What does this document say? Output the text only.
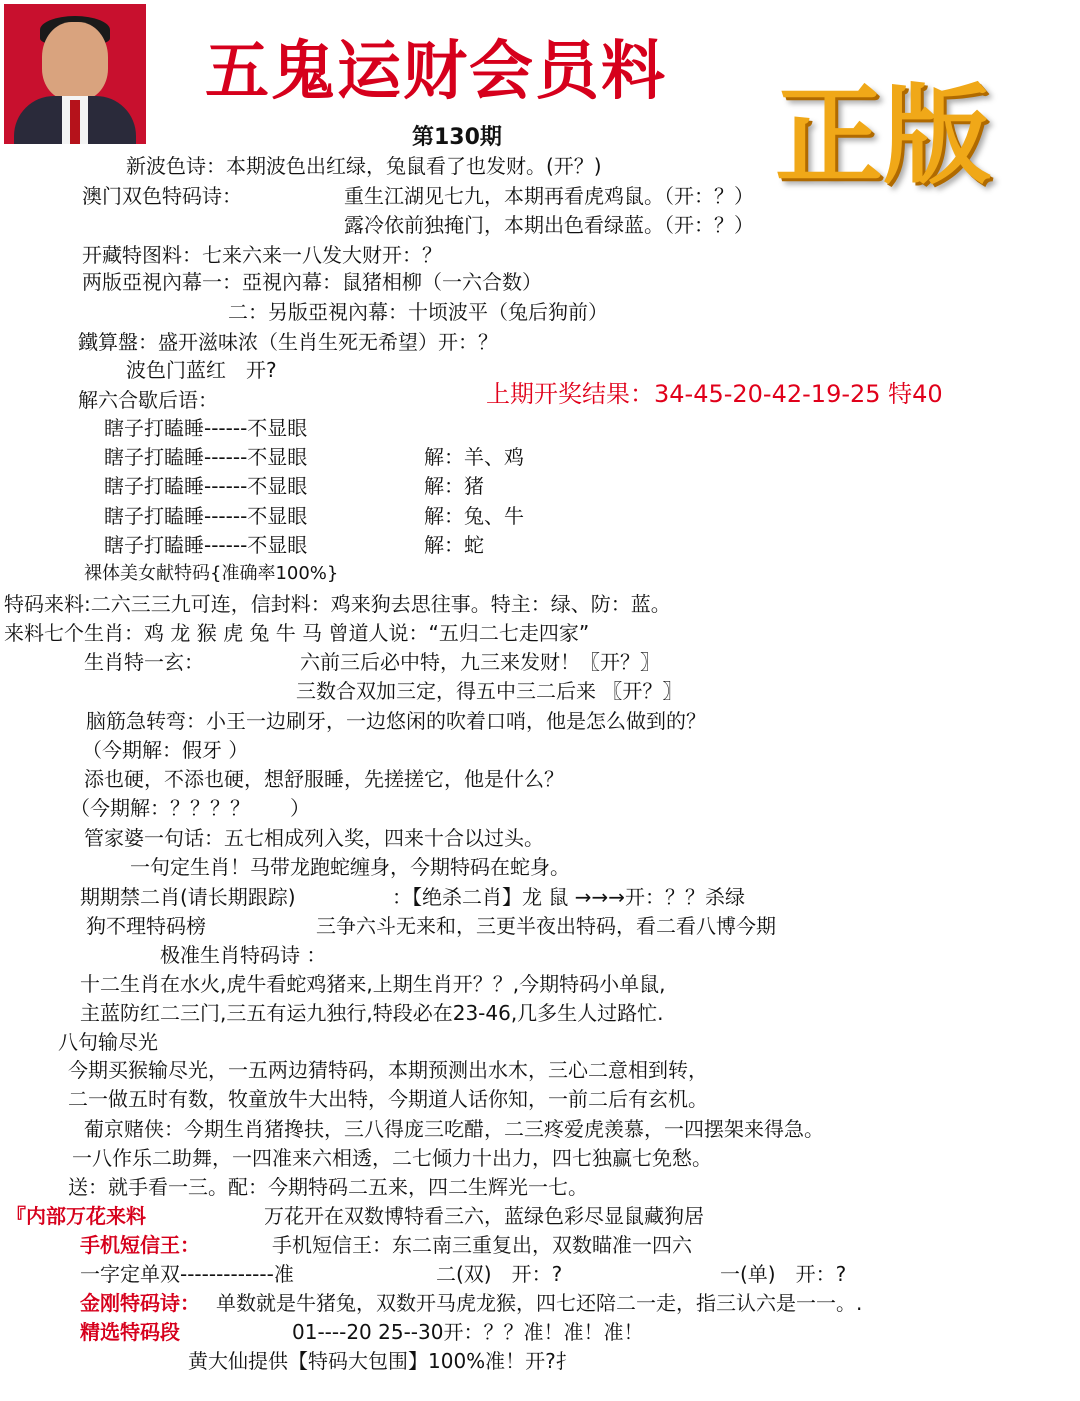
五鬼运财会员料
第130期	正版
新波色诗：本期波色出红绿，兔鼠看了也发财。(开？)
澳门双色特码诗：	重生江湖见七九，本期再看虎鸡鼠。（开：？）
露冷依前独掩门，本期出色看绿蓝。（开：？）
开藏特图料：七来六来一八发大财开：？
两版亞視內幕一：亞視內幕：鼠猪相柳（一六合数）
二：另版亞視內幕：十顷波平（兔后狗前）
鐵算盤：盛开滋味浓（生肖生死无希望）开：？
波色门蓝红　开?
解六合歇后语：	上期开奖结果：34-45-20-42-19-25 特40
瞎子打瞌睡------不显眼
瞎子打瞌睡------不显眼	解：羊、鸡
瞎子打瞌睡------不显眼	解：猪
瞎子打瞌睡------不显眼	解：兔、牛
瞎子打瞌睡------不显眼	解：蛇
裸体美女献特码{准确率100%}
特码来料:二六三三九可连，信封料：鸡来狗去思往事。特主：绿、防：蓝。
来料七个生肖：鸡 龙 猴 虎 兔 牛 马 曾道人说：“五归二七走四家”
生肖特一玄：	六前三后必中特，九三来发财！〖开？〗
三数合双加三定，得五中三二后来 〖开？〗
脑筋急转弯：小王一边刷牙，一边悠闲的吹着口哨，他是怎么做到的？
（今期解：假牙 ）
添也硬，不添也硬，想舒服睡，先搓搓它，他是什么？
（今期解：？？？？　　）
管家婆一句话：五七相成列入奖，四来十合以过头。
一句定生肖！马带龙跑蛇缠身，今期特码在蛇身。
期期禁二肖(请长期跟踪)	：【绝杀二肖】龙 鼠 →→→开：？？杀绿
狗不理特码榜	三争六斗无来和，三更半夜出特码，看二看八博今期
极准生肖特码诗 ：
十二生肖在水火,虎牛看蛇鸡猪来,上期生肖开？？,今期特码小单鼠,
主蓝防红二三门,三五有运九独行,特段必在23-46,几多生人过路忙.
八句输尽光
今期买猴输尽光，一五两边猜特码，本期预测出水木，三心二意相到转，
二一做五时有数，牧童放牛大出特，今期道人话你知，一前二后有玄机。
葡京赌侠：今期生肖猪搀扶，三八得庞三吃醋，二三疼爱虎羡慕，一四摆架来得急。
一八作乐二助舞，一四准来六相透，二七倾力十出力，四七独赢七免愁。
送：就手看一三。配：今期特码二五来，四二生辉光一七。
『内部万花来料	万花开在双数博特看三六，蓝绿色彩尽显鼠藏狗居
手机短信王：	手机短信王：东二南三重复出，双数瞄准一四六
一字定单双-------------准	二(双)　开：?	一(单)　开：?
金刚特码诗： 单数就是牛猪兔，双数开马虎龙猴，四七还陪二一走，指三认六是一一。.
精选特码段	01----20 25--30开：？？准！准！准！
黄大仙提供【特码大包围】100%准！开?扌
